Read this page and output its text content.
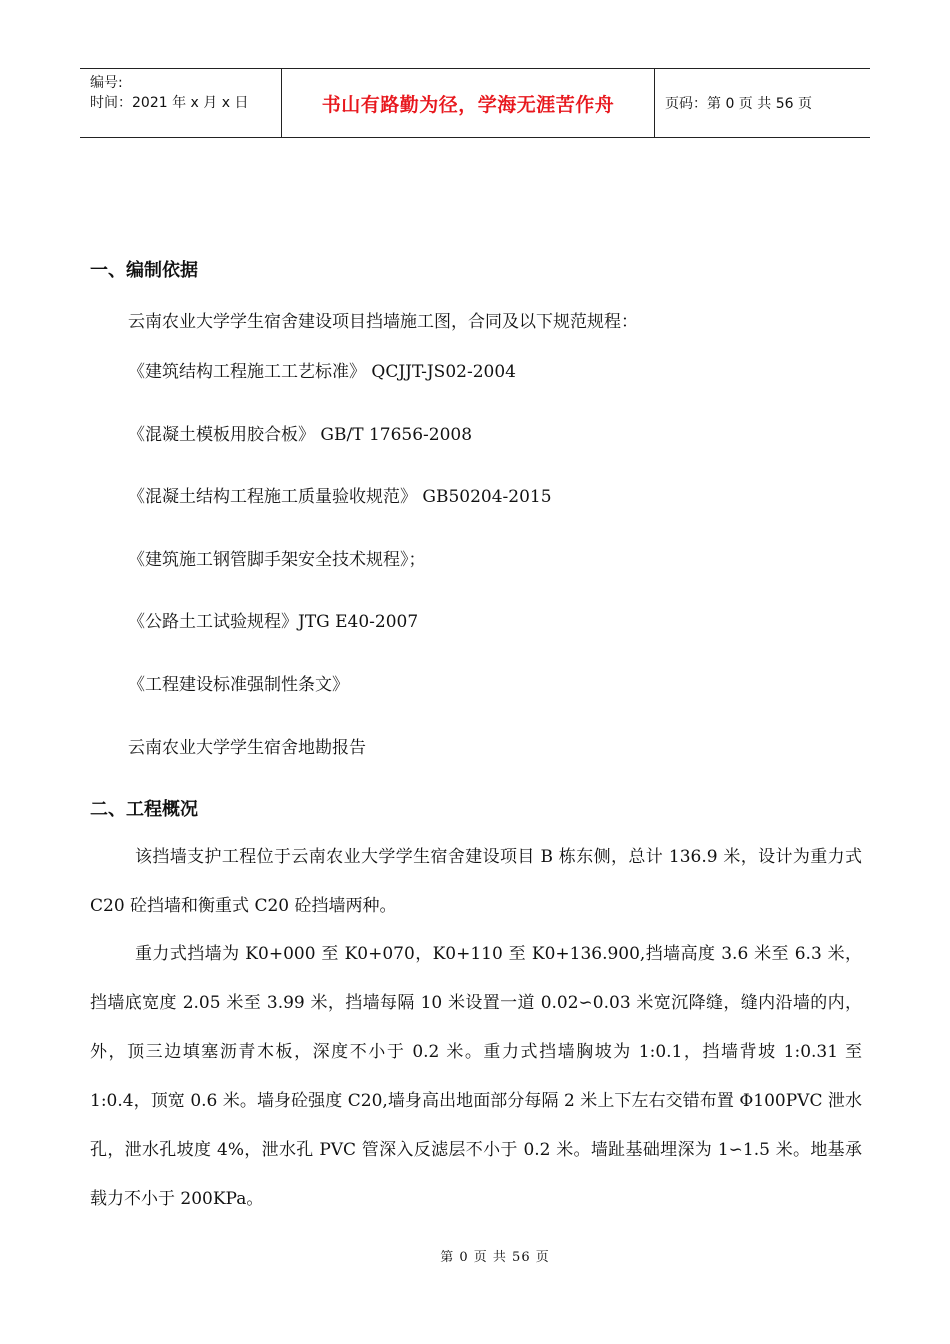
编号:
时间：2021 年 x 月 x 日	书山有路勤为径，学海无涯苦作舟	页码：第 0 页 共 56 页
一、编制依据
云南农业大学学生宿舍建设项目挡墙施工图，合同及以下规范规程：
《建筑结构工程施工工艺标准》 QCJJT-JS02-2004
《混凝土模板用胶合板》 GB/T 17656-2008
《混凝土结构工程施工质量验收规范》 GB50204-2015
《建筑施工钢管脚手架安全技术规程》；
《公路土工试验规程》JTG E40-2007
《工程建设标准强制性条文》
云南农业大学学生宿舍地勘报告
二、工程概况
该挡墙支护工程位于云南农业大学学生宿舍建设项目 B 栋东侧，总计 136.9 米，设计为重力式 C20 砼挡墙和衡重式 C20 砼挡墙两种。
重力式挡墙为 K0+000 至 K0+070，K0+110 至 K0+136.900,挡墙高度 3.6 米至 6.3 米，挡墙底宽度 2.05 米至 3.99 米，挡墙每隔 10 米设置一道 0.02∽0.03 米宽沉降缝，缝内沿墙的内，外，顶三边填塞沥青木板，深度不小于 0.2 米。重力式挡墙胸坡为 1:0.1，挡墙背坡 1:0.31 至 1:0.4，顶宽 0.6 米。墙身砼强度 C20,墙身高出地面部分每隔 2 米上下左右交错布置 Φ100PVC 泄水孔，泄水孔坡度 4%，泄水孔 PVC 管深入反滤层不小于 0.2 米。墙趾基础埋深为 1∽1.5 米。地基承载力不小于 200KPa。
第 0 页 共 56 页
